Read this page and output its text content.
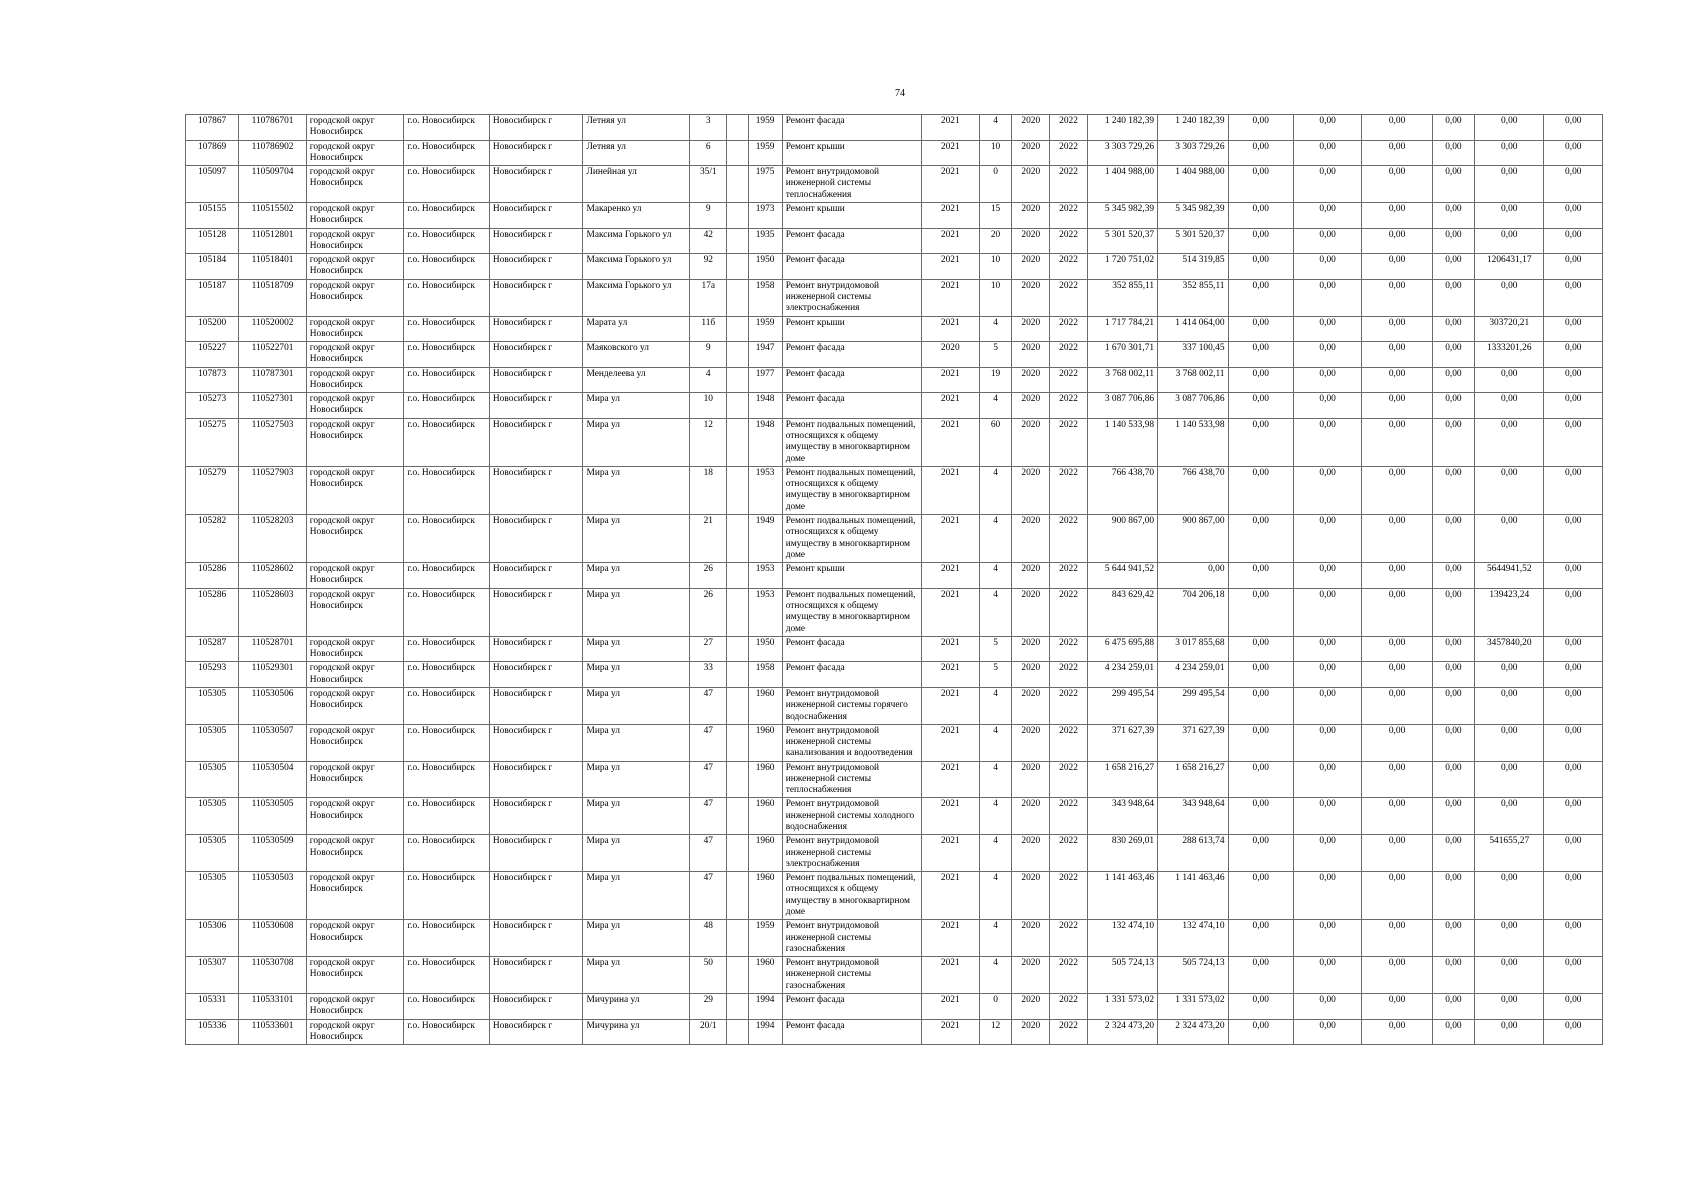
74
107867	110786701	городской округ Новосибирск	г.о. Новосибирск	Новосибирск г	Летняя ул	3		1959	Ремонт фасада	2021	4	2020	2022	1 240 182,39	1 240 182,39	0,00	0,00	0,00	0,00	0,00	0,00
107869	110786902	городской округ Новосибирск	г.о. Новосибирск	Новосибирск г	Летняя ул	6		1959	Ремонт крыши	2021	10	2020	2022	3 303 729,26	3 303 729,26	0,00	0,00	0,00	0,00	0,00	0,00
105097	110509704	городской округ Новосибирск	г.о. Новосибирск	Новосибирск г	Линейная ул	35/1		1975	Ремонт внутридомовой инженерной системы теплоснабжения	2021	0	2020	2022	1 404 988,00	1 404 988,00	0,00	0,00	0,00	0,00	0,00	0,00
105155	110515502	городской округ Новосибирск	г.о. Новосибирск	Новосибирск г	Макаренко ул	9		1973	Ремонт крыши	2021	15	2020	2022	5 345 982,39	5 345 982,39	0,00	0,00	0,00	0,00	0,00	0,00
105128	110512801	городской округ Новосибирск	г.о. Новосибирск	Новосибирск г	Максима Горького ул	42		1935	Ремонт фасада	2021	20	2020	2022	5 301 520,37	5 301 520,37	0,00	0,00	0,00	0,00	0,00	0,00
105184	110518401	городской округ Новосибирск	г.о. Новосибирск	Новосибирск г	Максима Горького ул	92		1950	Ремонт фасада	2021	10	2020	2022	1 720 751,02	514 319,85	0,00	0,00	0,00	0,00	1206431,17	0,00
105187	110518709	городской округ Новосибирск	г.о. Новосибирск	Новосибирск г	Максима Горького ул	17а		1958	Ремонт внутридомовой инженерной системы электроснабжения	2021	10	2020	2022	352 855,11	352 855,11	0,00	0,00	0,00	0,00	0,00	0,00
105200	110520002	городской округ Новосибирск	г.о. Новосибирск	Новосибирск г	Марата ул	11б		1959	Ремонт крыши	2021	4	2020	2022	1 717 784,21	1 414 064,00	0,00	0,00	0,00	0,00	303720,21	0,00
105227	110522701	городской округ Новосибирск	г.о. Новосибирск	Новосибирск г	Маяковского ул	9		1947	Ремонт фасада	2020	5	2020	2022	1 670 301,71	337 100,45	0,00	0,00	0,00	0,00	1333201,26	0,00
107873	110787301	городской округ Новосибирск	г.о. Новосибирск	Новосибирск г	Менделеева ул	4		1977	Ремонт фасада	2021	19	2020	2022	3 768 002,11	3 768 002,11	0,00	0,00	0,00	0,00	0,00	0,00
105273	110527301	городской округ Новосибирск	г.о. Новосибирск	Новосибирск г	Мира ул	10		1948	Ремонт фасада	2021	4	2020	2022	3 087 706,86	3 087 706,86	0,00	0,00	0,00	0,00	0,00	0,00
105275	110527503	городской округ Новосибирск	г.о. Новосибирск	Новосибирск г	Мира ул	12		1948	Ремонт подвальных помещений, относящихся к общему имуществу в многоквартирном доме	2021	60	2020	2022	1 140 533,98	1 140 533,98	0,00	0,00	0,00	0,00	0,00	0,00
105279	110527903	городской округ Новосибирск	г.о. Новосибирск	Новосибирск г	Мира ул	18		1953	Ремонт подвальных помещений, относящихся к общему имуществу в многоквартирном доме	2021	4	2020	2022	766 438,70	766 438,70	0,00	0,00	0,00	0,00	0,00	0,00
105282	110528203	городской округ Новосибирск	г.о. Новосибирск	Новосибирск г	Мира ул	21		1949	Ремонт подвальных помещений, относящихся к общему имуществу в многоквартирном доме	2021	4	2020	2022	900 867,00	900 867,00	0,00	0,00	0,00	0,00	0,00	0,00
105286	110528602	городской округ Новосибирск	г.о. Новосибирск	Новосибирск г	Мира ул	26		1953	Ремонт крыши	2021	4	2020	2022	5 644 941,52	0,00	0,00	0,00	0,00	0,00	5644941,52	0,00
105286	110528603	городской округ Новосибирск	г.о. Новосибирск	Новосибирск г	Мира ул	26		1953	Ремонт подвальных помещений, относящихся к общему имуществу в многоквартирном доме	2021	4	2020	2022	843 629,42	704 206,18	0,00	0,00	0,00	0,00	139423,24	0,00
105287	110528701	городской округ Новосибирск	г.о. Новосибирск	Новосибирск г	Мира ул	27		1950	Ремонт фасада	2021	5	2020	2022	6 475 695,88	3 017 855,68	0,00	0,00	0,00	0,00	3457840,20	0,00
105293	110529301	городской округ Новосибирск	г.о. Новосибирск	Новосибирск г	Мира ул	33		1958	Ремонт фасада	2021	5	2020	2022	4 234 259,01	4 234 259,01	0,00	0,00	0,00	0,00	0,00	0,00
105305	110530506	городской округ Новосибирск	г.о. Новосибирск	Новосибирск г	Мира ул	47		1960	Ремонт внутридомовой инженерной системы горячего водоснабжения	2021	4	2020	2022	299 495,54	299 495,54	0,00	0,00	0,00	0,00	0,00	0,00
105305	110530507	городской округ Новосибирск	г.о. Новосибирск	Новосибирск г	Мира ул	47		1960	Ремонт внутридомовой инженерной системы канализования и водоотведения	2021	4	2020	2022	371 627,39	371 627,39	0,00	0,00	0,00	0,00	0,00	0,00
105305	110530504	городской округ Новосибирск	г.о. Новосибирск	Новосибирск г	Мира ул	47		1960	Ремонт внутридомовой инженерной системы теплоснабжения	2021	4	2020	2022	1 658 216,27	1 658 216,27	0,00	0,00	0,00	0,00	0,00	0,00
105305	110530505	городской округ Новосибирск	г.о. Новосибирск	Новосибирск г	Мира ул	47		1960	Ремонт внутридомовой инженерной системы холодного водоснабжения	2021	4	2020	2022	343 948,64	343 948,64	0,00	0,00	0,00	0,00	0,00	0,00
105305	110530509	городской округ Новосибирск	г.о. Новосибирск	Новосибирск г	Мира ул	47		1960	Ремонт внутридомовой инженерной системы электроснабжения	2021	4	2020	2022	830 269,01	288 613,74	0,00	0,00	0,00	0,00	541655,27	0,00
105305	110530503	городской округ Новосибирск	г.о. Новосибирск	Новосибирск г	Мира ул	47		1960	Ремонт подвальных помещений, относящихся к общему имуществу в многоквартирном доме	2021	4	2020	2022	1 141 463,46	1 141 463,46	0,00	0,00	0,00	0,00	0,00	0,00
105306	110530608	городской округ Новосибирск	г.о. Новосибирск	Новосибирск г	Мира ул	48		1959	Ремонт внутридомовой инженерной системы газоснабжения	2021	4	2020	2022	132 474,10	132 474,10	0,00	0,00	0,00	0,00	0,00	0,00
105307	110530708	городской округ Новосибирск	г.о. Новосибирск	Новосибирск г	Мира ул	50		1960	Ремонт внутридомовой инженерной системы газоснабжения	2021	4	2020	2022	505 724,13	505 724,13	0,00	0,00	0,00	0,00	0,00	0,00
105331	110533101	городской округ Новосибирск	г.о. Новосибирск	Новосибирск г	Мичурина ул	29		1994	Ремонт фасада	2021	0	2020	2022	1 331 573,02	1 331 573,02	0,00	0,00	0,00	0,00	0,00	0,00
105336	110533601	городской округ Новосибирск	г.о. Новосибирск	Новосибирск г	Мичурина ул	20/1		1994	Ремонт фасада	2021	12	2020	2022	2 324 473,20	2 324 473,20	0,00	0,00	0,00	0,00	0,00	0,00
